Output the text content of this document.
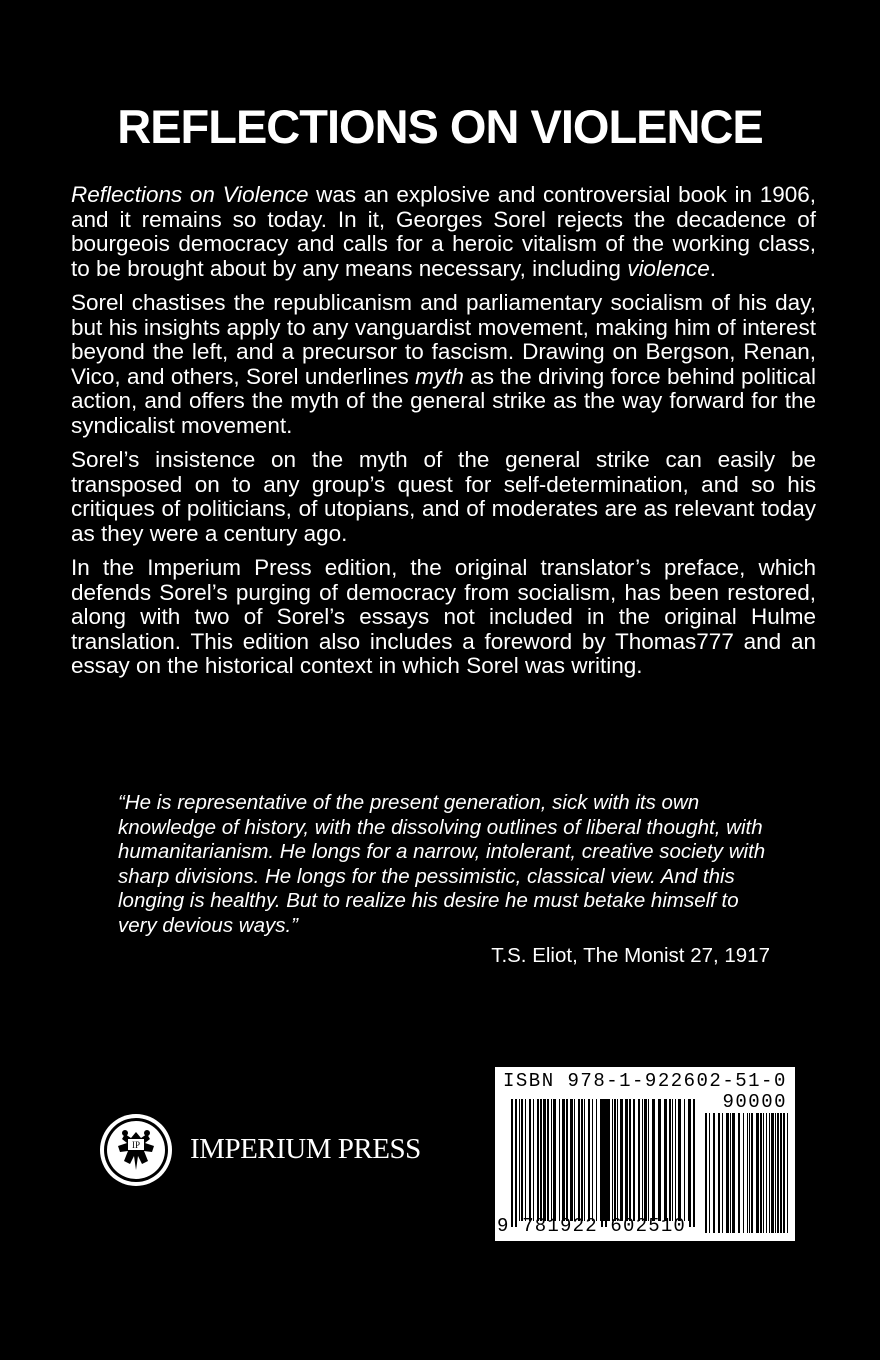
REFLECTIONS ON VIOLENCE

Reflections on Violence was an explosive and controversial book in 1906, and it remains so today. In it, Georges Sorel rejects the decadence of bourgeois democracy and calls for a heroic vitalism of the working class, to be brought about by any means necessary, including violence.

Sorel chastises the republicanism and parliamentary socialism of his day, but his insights apply to any vanguardist movement, making him of interest beyond the left, and a precursor to fascism. Drawing on Bergson, Renan, Vico, and others, Sorel underlines myth as the driving force behind political action, and offers the myth of the general strike as the way forward for the syndicalist movement.

Sorel’s insistence on the myth of the general strike can easily be transposed on to any group’s quest for self-determination, and so his critiques of politicians, of utopians, and of moderates are as relevant today as they were a century ago.

In the Imperium Press edition, the original translator’s preface, which defends Sorel’s purging of democracy from socialism, has been restored, along with two of Sorel’s essays not included in the original Hulme translation. This edition also includes a foreword by Thomas777 and an essay on the historical context in which Sorel was writing.

“He is representative of the present generation, sick with its own knowledge of history, with the dissolving outlines of liberal thought, with humanitarianism. He longs for a narrow, intolerant, creative society with sharp divisions. He longs for the pessimistic, classical view. And this longing is healthy. But to realize his desire he must betake himself to very devious ways.”

T.S. Eliot, The Monist 27, 1917
IP IMPERIUM PRESS
ISBN 978-1-922602-51-0
90000
9 781922 602510
